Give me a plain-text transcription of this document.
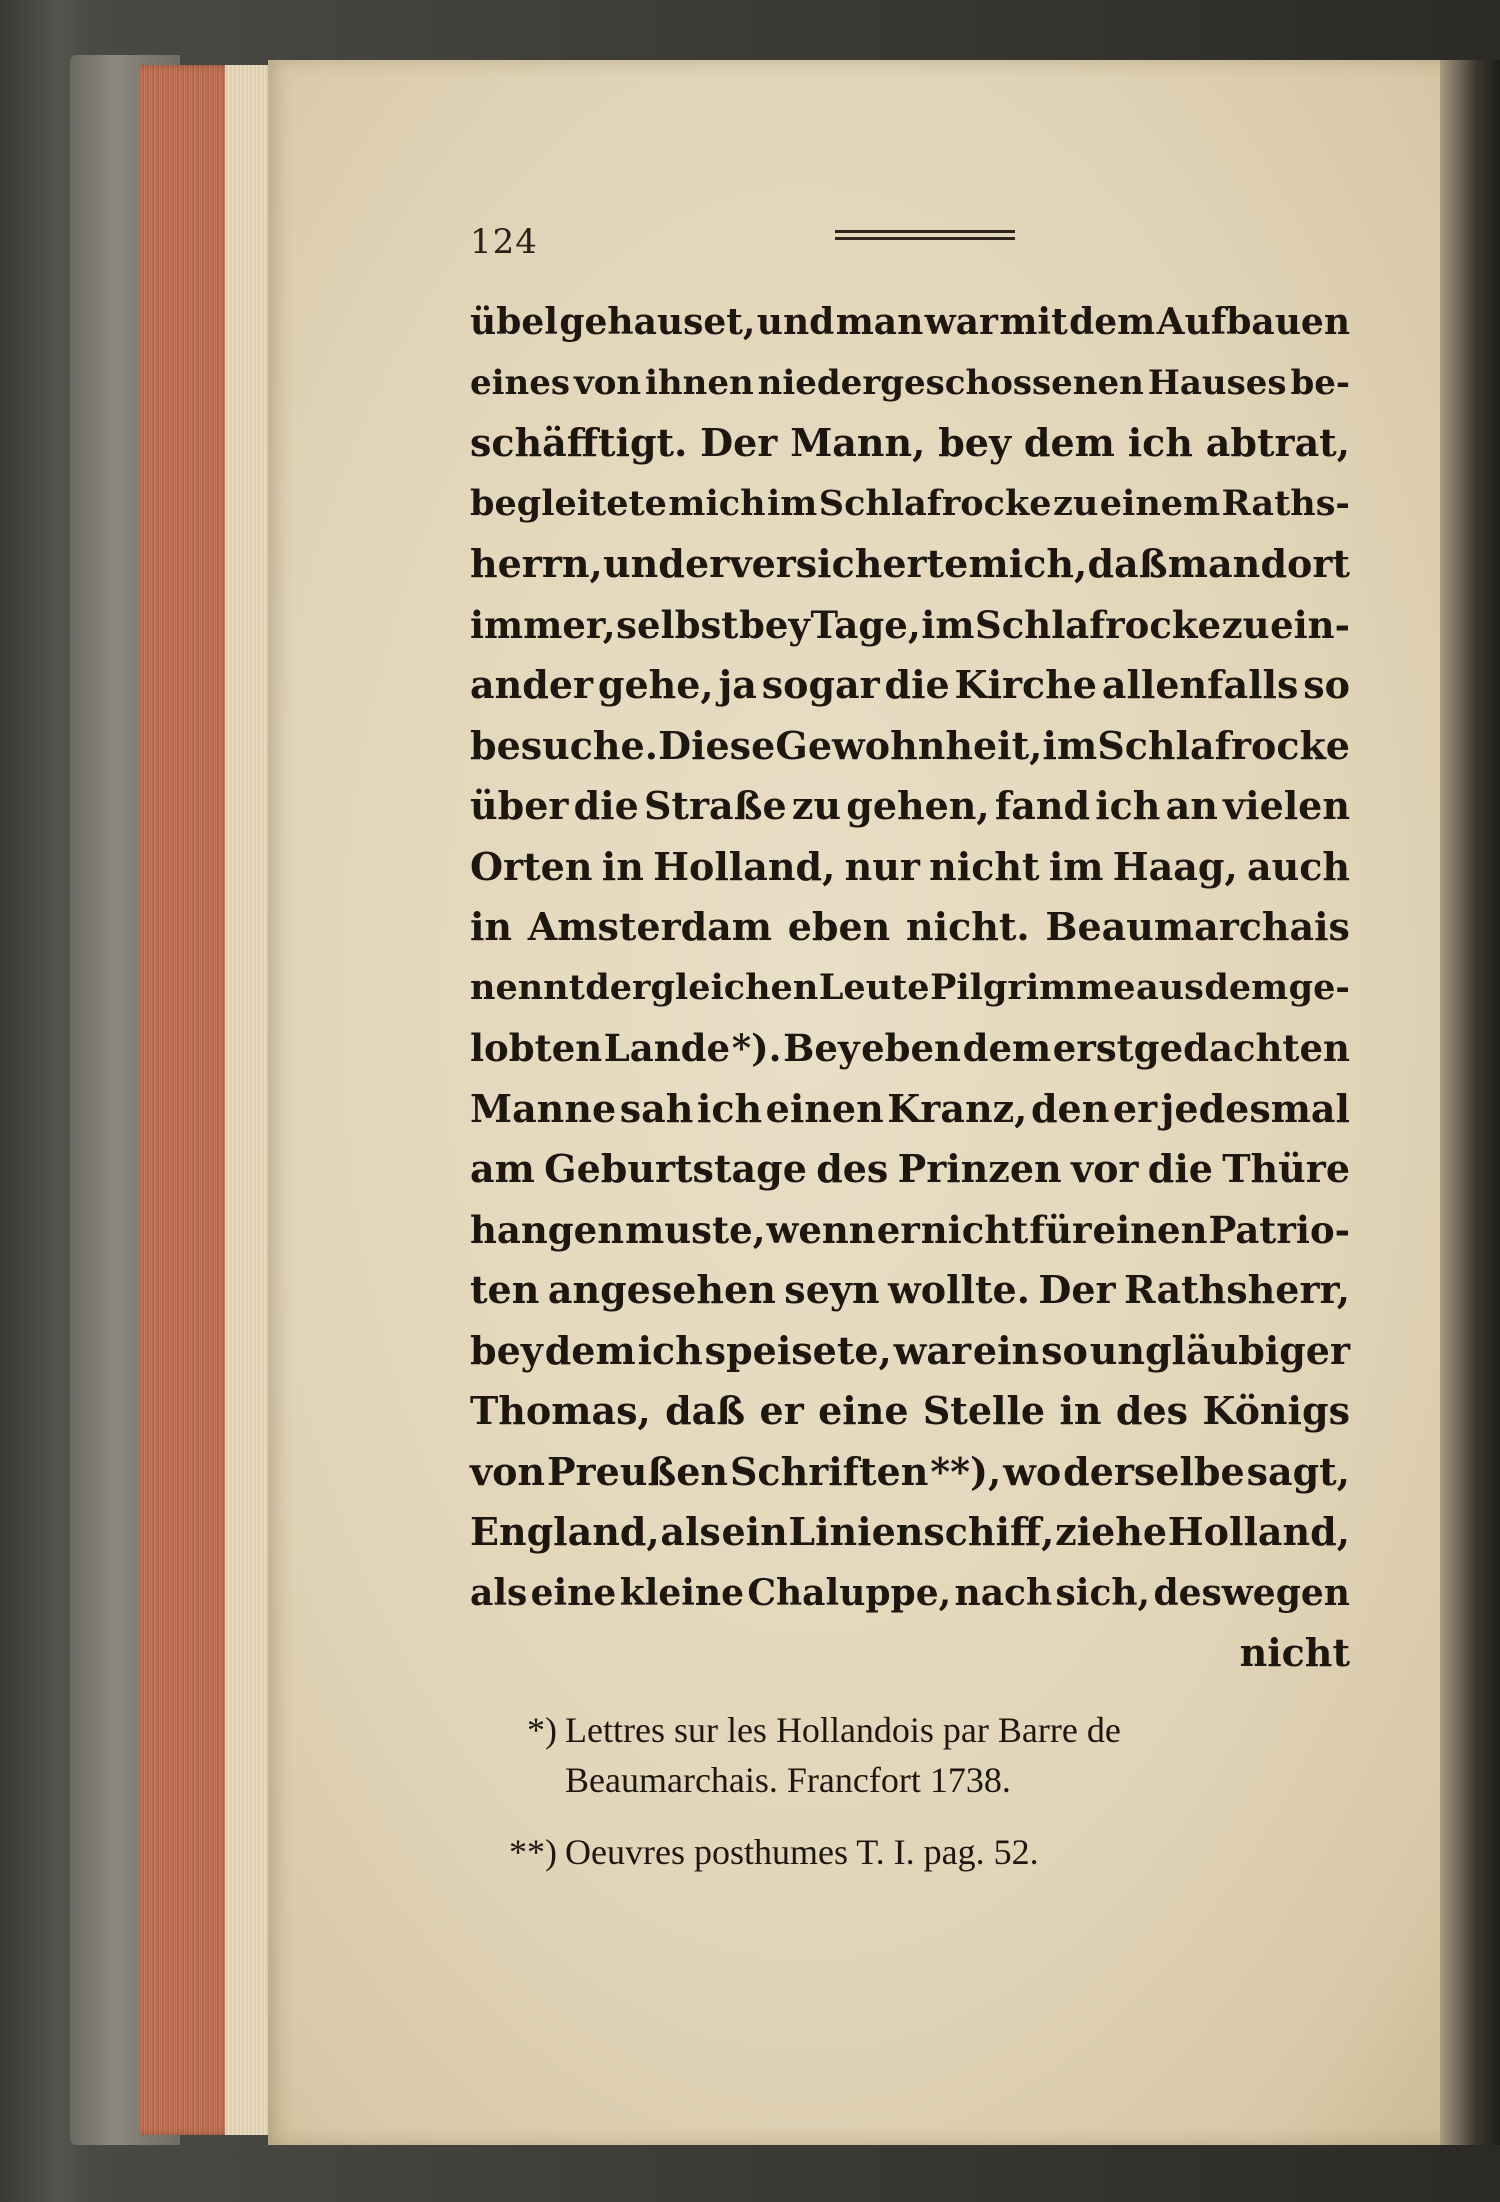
124
übel gehauset, und man war mit dem Aufbauen
eines von ihnen niedergeschossenen Hauses be-
schäfftigt. Der Mann, bey dem ich abtrat,
begleitete mich im Schlafrocke zu einem Raths-
herrn, und er versicherte mich, daß man dort
immer, selbst bey Tage, im Schlafrocke zu ein-
ander gehe, ja sogar die Kirche allenfalls so
besuche. Diese Gewohnheit, im Schlafrocke
über die Straße zu gehen, fand ich an vielen
Orten in Holland, nur nicht im Haag, auch
in Amsterdam eben nicht. Beaumarchais
nennt dergleichen Leute Pilgrimme aus dem ge-
lobten Lande *). Bey eben dem erstgedachten
Manne sah ich einen Kranz, den er jedesmal
am Geburtstage des Prinzen vor die Thüre
hangen muste, wenn er nicht für einen Patrio-
ten angesehen seyn wollte. Der Rathsherr,
bey dem ich speisete, war ein so ungläubiger
Thomas, daß er eine Stelle in des Königs
von Preußen Schriften **), wo derselbe sagt,
England, als ein Linienschiff, ziehe Holland,
als eine kleine Chaluppe, nach sich, deswegen
nicht
*) Lettres sur les Hollandois par Barre de
Beaumarchais. Francfort 1738.
**) Oeuvres posthumes T. I. pag. 52.
